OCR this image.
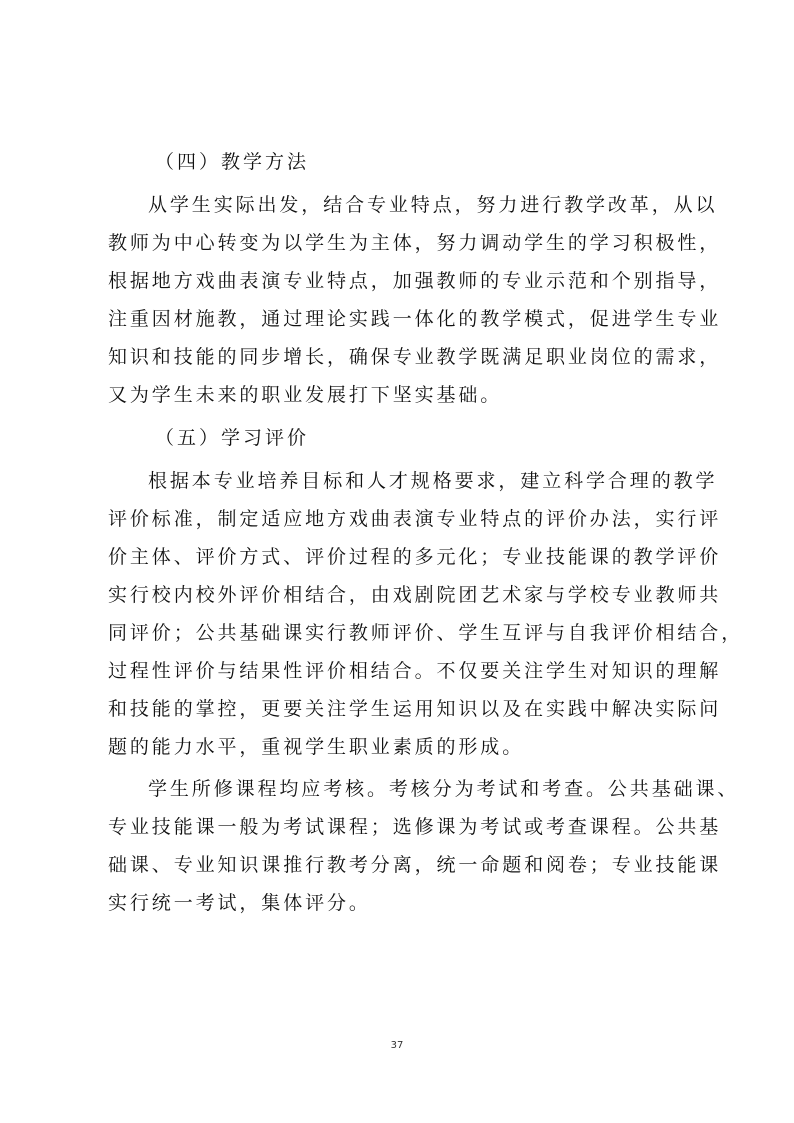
（四）教学方法

从学生实际出发，结合专业特点，努力进行教学改革，从以

教师为中心转变为以学生为主体，努力调动学生的学习积极性，

根据地方戏曲表演专业特点，加强教师的专业示范和个别指导，

注重因材施教，通过理论实践一体化的教学模式，促进学生专业

知识和技能的同步增长，确保专业教学既满足职业岗位的需求，

又为学生未来的职业发展打下坚实基础。

（五）学习评价

根据本专业培养目标和人才规格要求，建立科学合理的教学

评价标准，制定适应地方戏曲表演专业特点的评价办法，实行评

价主体、评价方式、评价过程的多元化；专业技能课的教学评价

实行校内校外评价相结合，由戏剧院团艺术家与学校专业教师共

同评价；公共基础课实行教师评价、学生互评与自我评价相结合，

过程性评价与结果性评价相结合。不仅要关注学生对知识的理解

和技能的掌控，更要关注学生运用知识以及在实践中解决实际问

题的能力水平，重视学生职业素质的形成。

学生所修课程均应考核。考核分为考试和考查。公共基础课、

专业技能课一般为考试课程；选修课为考试或考查课程。公共基

础课、专业知识课推行教考分离，统一命题和阅卷；专业技能课

实行统一考试，集体评分。

37
